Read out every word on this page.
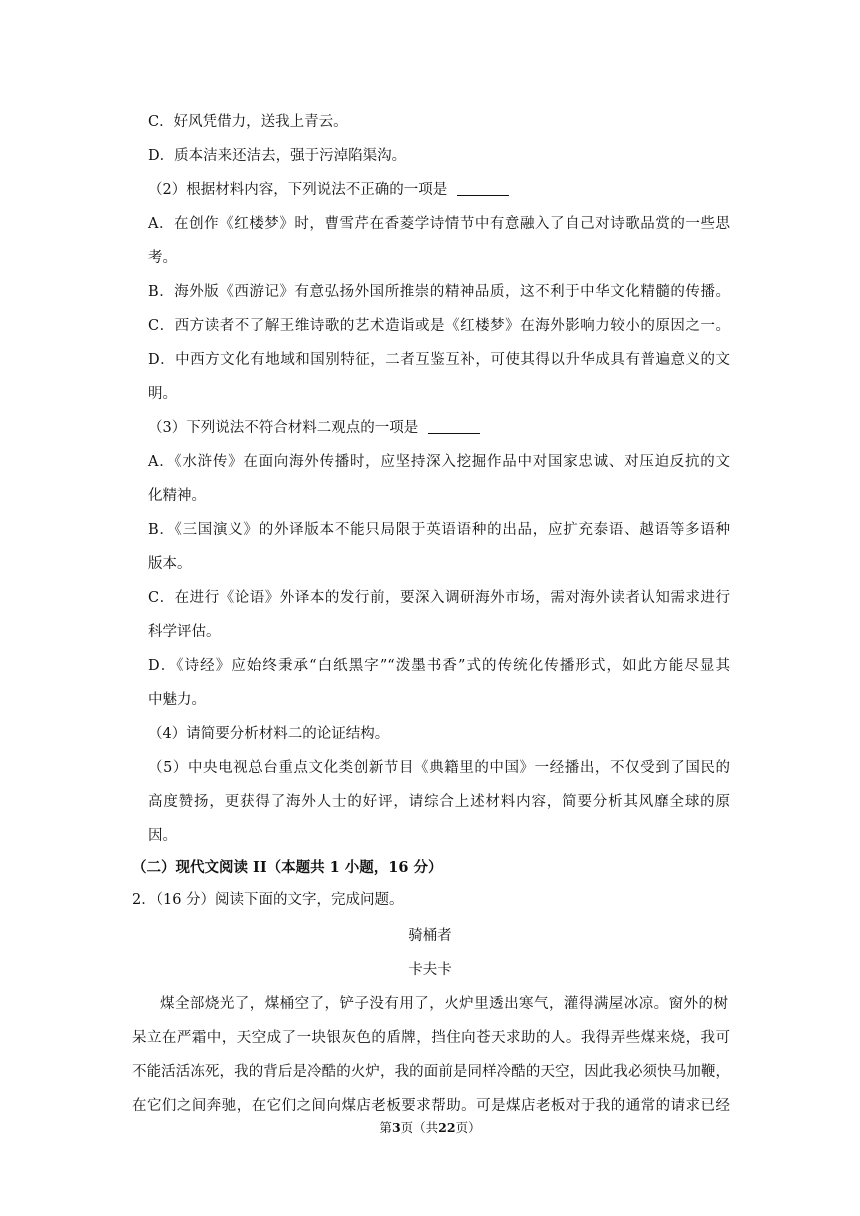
C．好风凭借力，送我上青云。
D．质本洁来还洁去，强于污淖陷渠沟。
（2）根据材料内容，下列说法不正确的一项是
A．在创作《红楼梦》时，曹雪芹在香菱学诗情节中有意融入了自己对诗歌品赏的一些思
考。
B．海外版《西游记》有意弘扬外国所推崇的精神品质，这不利于中华文化精髓的传播。
C．西方读者不了解王维诗歌的艺术造诣或是《红楼梦》在海外影响力较小的原因之一。
D．中西方文化有地域和国别特征，二者互鉴互补，可使其得以升华成具有普遍意义的文
明。
（3）下列说法不符合材料二观点的一项是
A．《水浒传》在面向海外传播时，应坚持深入挖掘作品中对国家忠诚、对压迫反抗的文
化精神。
B．《三国演义》的外译版本不能只局限于英语语种的出品，应扩充泰语、越语等多语种
版本。
C．在进行《论语》外译本的发行前，要深入调研海外市场，需对海外读者认知需求进行
科学评估。
D．《诗经》应始终秉承“白纸黑字”“泼墨书香”式的传统化传播形式，如此方能尽显其
中魅力。
（4）请简要分析材料二的论证结构。
（5）中央电视总台重点文化类创新节目《典籍里的中国》一经播出，不仅受到了国民的
高度赞扬，更获得了海外人士的好评，请综合上述材料内容，简要分析其风靡全球的原
因。
（二）现代文阅读 II（本题共 1 小题，16 分）
2．（16 分）阅读下面的文字，完成问题。
骑桶者
卡夫卡
煤全部烧光了，煤桶空了，铲子没有用了，火炉里透出寒气，灌得满屋冰凉。窗外的树
呆立在严霜中，天空成了一块银灰色的盾牌，挡住向苍天求助的人。我得弄些煤来烧，我可
不能活活冻死，我的背后是冷酷的火炉，我的面前是同样冷酷的天空，因此我必须快马加鞭，
在它们之间奔驰，在它们之间向煤店老板要求帮助。可是煤店老板对于我的通常的请求已经
第3页（共22页）
